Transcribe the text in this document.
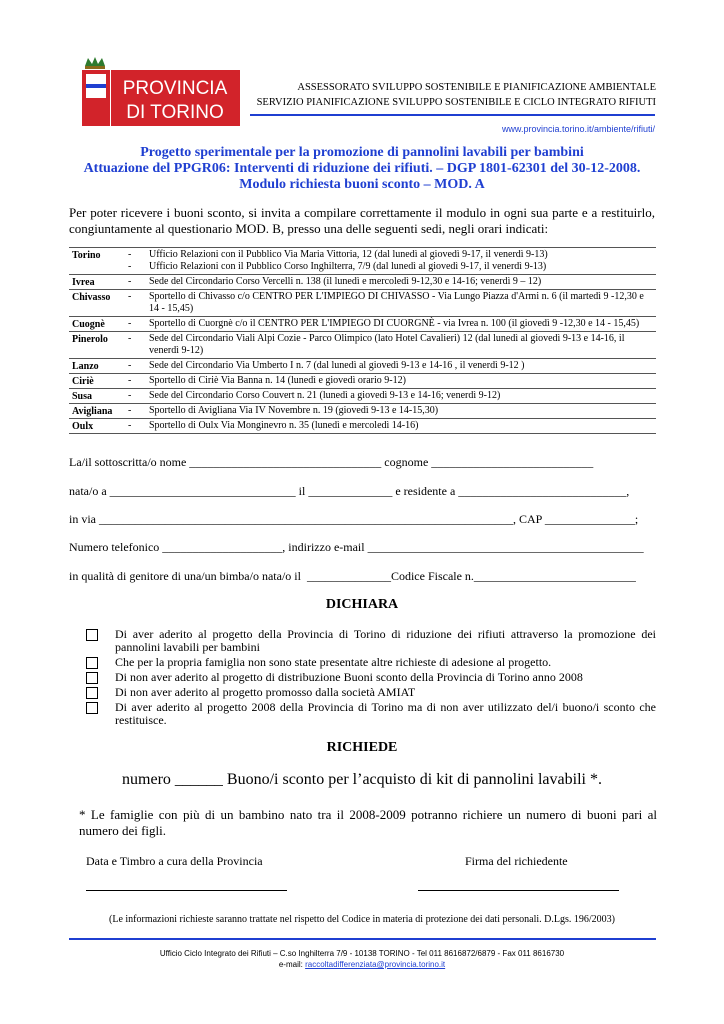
PROVINCIA
DI TORINO
ASSESSORATO SVILUPPO SOSTENIBILE E PIANIFICAZIONE AMBIENTALE
SERVIZIO PIANIFICAZIONE SVILUPPO SOSTENIBILE E CICLO INTEGRATO RIFIUTI
www.provincia.torino.it/ambiente/rifiuti/
Progetto sperimentale per la promozione di pannolini lavabili per bambini
Attuazione del PPGR06: Interventi di riduzione dei rifiuti. – DGP 1801-62301 del 30-12-2008.
Modulo richiesta buoni sconto – MOD. A
Per poter ricevere i buoni sconto, si invita a compilare correttamente il modulo in ogni sua parte e a restituirlo, congiuntamente al questionario MOD. B, presso una delle seguenti sedi, negli orari indicati:
Torino	- Ufficio Relazioni con il Pubblico Via Maria Vittoria, 12 (dal lunedì al giovedì 9-17, il venerdì 9-13)
- Ufficio Relazioni con il Pubblico Corso Inghilterra, 7/9 (dal lunedì al giovedì 9-17, il venerdì 9-13)
Ivrea	- Sede del Circondario Corso Vercelli n. 138 (il lunedì e mercoledì 9-12,30 e 14-16; venerdì 9 – 12)
Chivasso	- Sportello di Chivasso c/o CENTRO PER L'IMPIEGO DI CHIVASSO - Via Lungo Piazza d'Armi n. 6 (il martedì 9 -12,30 e 14 - 15,45)
Cuognè	- Sportello di Cuorgnè c/o il CENTRO PER L'IMPIEGO DI CUORGNÈ - via Ivrea n. 100 (il giovedì 9 -12,30 e 14 - 15,45)
Pinerolo	- Sede del Circondario Viali Alpi Cozie - Parco Olimpico (lato Hotel Cavalieri) 12 (dal lunedì al giovedì 9-13 e 14-16, il venerdì 9-12)
Lanzo	- Sede del Circondario Via Umberto I n. 7 (dal lunedì al giovedì 9-13 e 14-16 , il venerdì 9-12 )
Ciriè	- Sportello di Ciriè Via Banna n. 14 (lunedì e giovedì orario 9-12)
Susa	- Sede del Circondario Corso Couvert n. 21 (lunedì a giovedì 9-13 e 14-16; venerdì 9-12)
Avigliana	- Sportello di Avigliana Via IV Novembre n. 19 (giovedì 9-13 e 14-15,30)
Oulx	- Sportello di Oulx Via Monginevro n. 35 (lunedì e mercoledì 14-16)
La/il sottoscritta/o nome ________________________________ cognome ___________________________
nata/o a _______________________________ il ______________ e residente a ____________________________,
in via _____________________________________________________________________, CAP _______________;
Numero telefonico ____________________, indirizzo e-mail ______________________________________________
in qualità di genitore di una/un bimba/o nata/o il  ______________Codice Fiscale n.___________________________
DICHIARA
Di aver aderito al progetto della Provincia di Torino di riduzione dei rifiuti attraverso la promozione dei pannolini lavabili per bambini
Che per la propria famiglia non sono state presentate altre richieste di adesione al progetto.
Di non aver aderito al progetto di distribuzione Buoni sconto della Provincia di Torino anno 2008
Di non aver aderito al progetto promosso dalla società AMIAT
Di aver aderito al progetto 2008 della Provincia di Torino ma di non aver utilizzato del/i buono/i sconto che restituisce.
RICHIEDE
numero ______ Buono/i sconto per l’acquisto di kit di pannolini lavabili *.
* Le famiglie con più di un bambino nato tra il 2008-2009 potranno richiere un numero di buoni pari al numero dei figli.
Data e Timbro a cura della Provincia	Firma del richiedente
(Le informazioni richieste saranno trattate nel rispetto del Codice in materia di protezione dei dati personali. D.Lgs. 196/2003)
Ufficio Ciclo Integrato dei Rifiuti – C.so Inghilterra 7/9 - 10138 TORINO - Tel 011 8616872/6879 - Fax 011 8616730
e-mail: raccoltadifferenziata@provincia.torino.it
